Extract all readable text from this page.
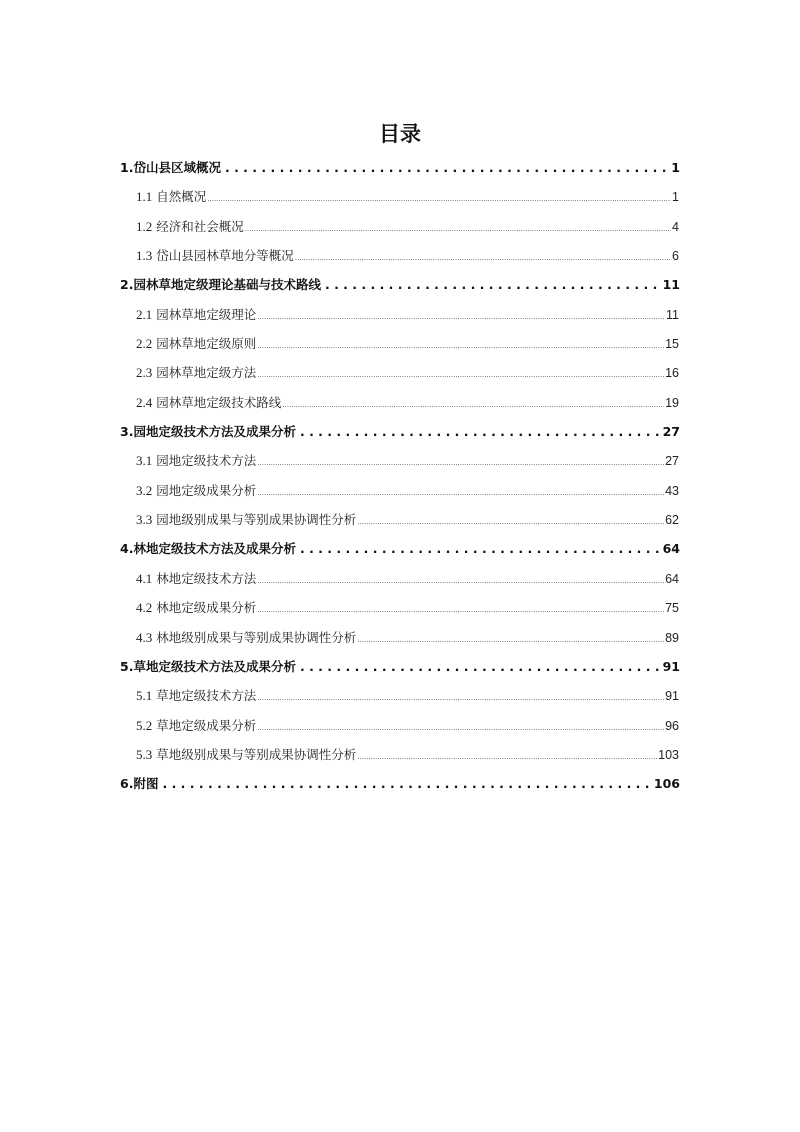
目录
1. 岱山县区域概况 . . .	1
1.1 自然概况 .....	1
1.2 经济和社会概况 .....	4
1.3 岱山县园林草地分等概况 .....	6
2. 园林草地定级理论基础与技术路线 . . .	11
2.1 园林草地定级理论 .....	11
2.2 园林草地定级原则 .....	15
2.3 园林草地定级方法 .....	16
2.4 园林草地定级技术路线 .....	19
3. 园地定级技术方法及成果分析 . . .	27
3.1 园地定级技术方法 .....	27
3.2 园地定级成果分析 .....	43
3.3 园地级别成果与等别成果协调性分析 .....	62
4. 林地定级技术方法及成果分析 . . .	64
4.1 林地定级技术方法 .....	64
4.2 林地定级成果分析 .....	75
4.3 林地级别成果与等别成果协调性分析 .....	89
5. 草地定级技术方法及成果分析 . . .	91
5.1 草地定级技术方法 .....	91
5.2 草地定级成果分析 .....	96
5.3 草地级别成果与等别成果协调性分析 .....	103
6. 附图 . . .	106
